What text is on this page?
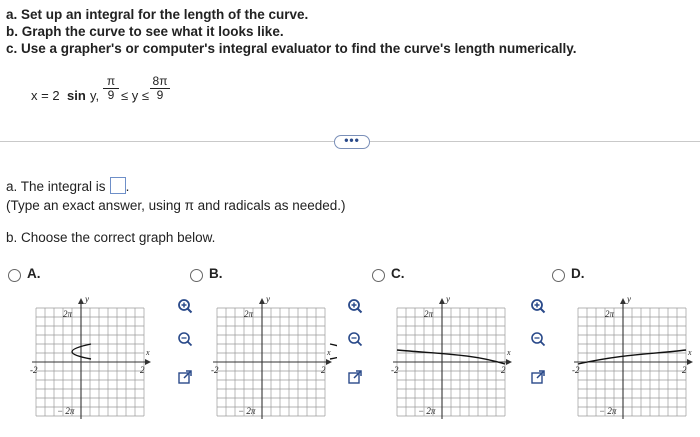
a. Set up an integral for the length of the curve.
b. Graph the curve to see what it looks like.
c. Use a grapher's or computer's integral evaluator to find the curve's length numerically.
x = 2 sin y, $\frac{\pi}{9} \le y \le \frac{8\pi}{9}$
•••
a. The integral is .
(Type an exact answer, using π and radicals as needed.)
b. Choose the correct graph below.
A.	B.	C.	D.
y
x
2π
− 2π
-2	2
y
x
2π
− 2π
-2	2
y
x
2π
− 2π
-2	2
y
x
2π
− 2π
-2	2
